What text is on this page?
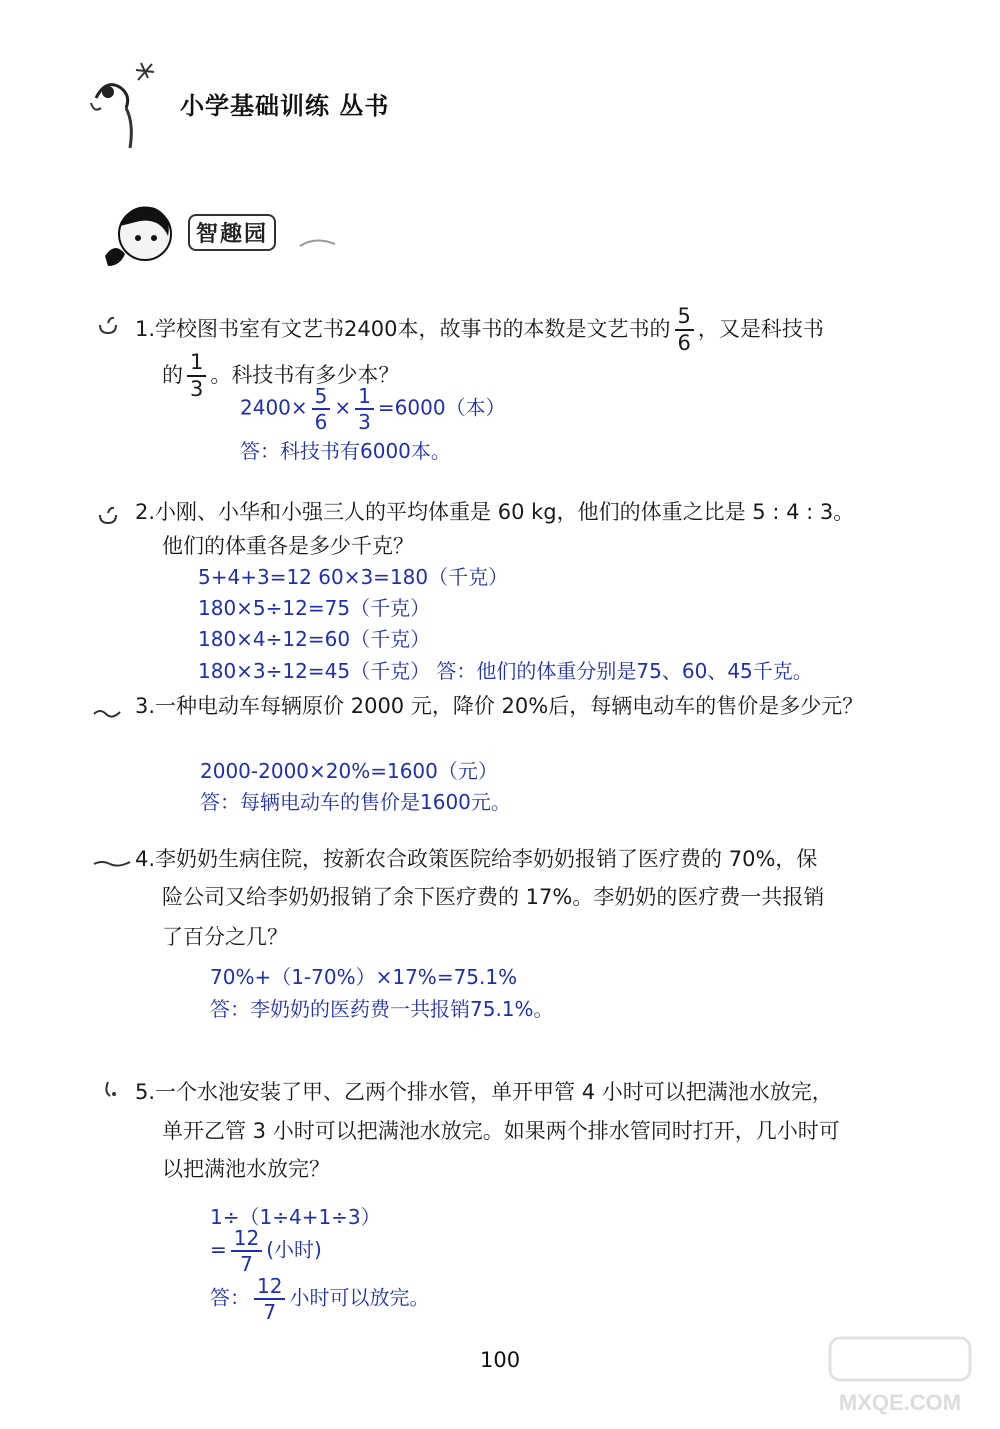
小学基础训练 丛书
智趣园
1.学校图书室有文艺书2400本，故事书的本数是文艺书的 $\frac{5}{6}$ ，又是科技书
的 $\frac{1}{3}$ 。科技书有多少本？
$2400\times \frac{5}{6} \times \frac{1}{3} =6000$（本）
答：科技书有6000本。
2.小刚、小华和小强三人的平均体重是 60 kg，他们的体重之比是 5 : 4 : 3。
他们的体重各是多少千克？
5+4+3=12 60×3=180（千克）
180×5÷12=75（千克）
180×4÷12=60（千克）
180×3÷12=45（千克） 答：他们的体重分别是75、60、45千克。
3.一种电动车每辆原价 2000 元，降价 20%后，每辆电动车的售价是多少元？
2000-2000×20%=1600（元）
答：每辆电动车的售价是1600元。
4.李奶奶生病住院，按新农合政策医院给李奶奶报销了医疗费的 70%，保
险公司又给李奶奶报销了余下医疗费的 17%。李奶奶的医疗费一共报销
了百分之几？
70%+（1-70%）×17%=75.1%
答：李奶奶的医药费一共报销75.1%。
5.一个水池安装了甲、乙两个排水管，单开甲管 4 小时可以把满池水放完，
单开乙管 3 小时可以把满池水放完。如果两个排水管同时打开，几小时可
以把满池水放完？
1÷（1÷4+1÷3）
= $\frac{12}{7}$ (小时)
答： $\frac{12}{7}$ 小时可以放完。
100
MXQE.COM
